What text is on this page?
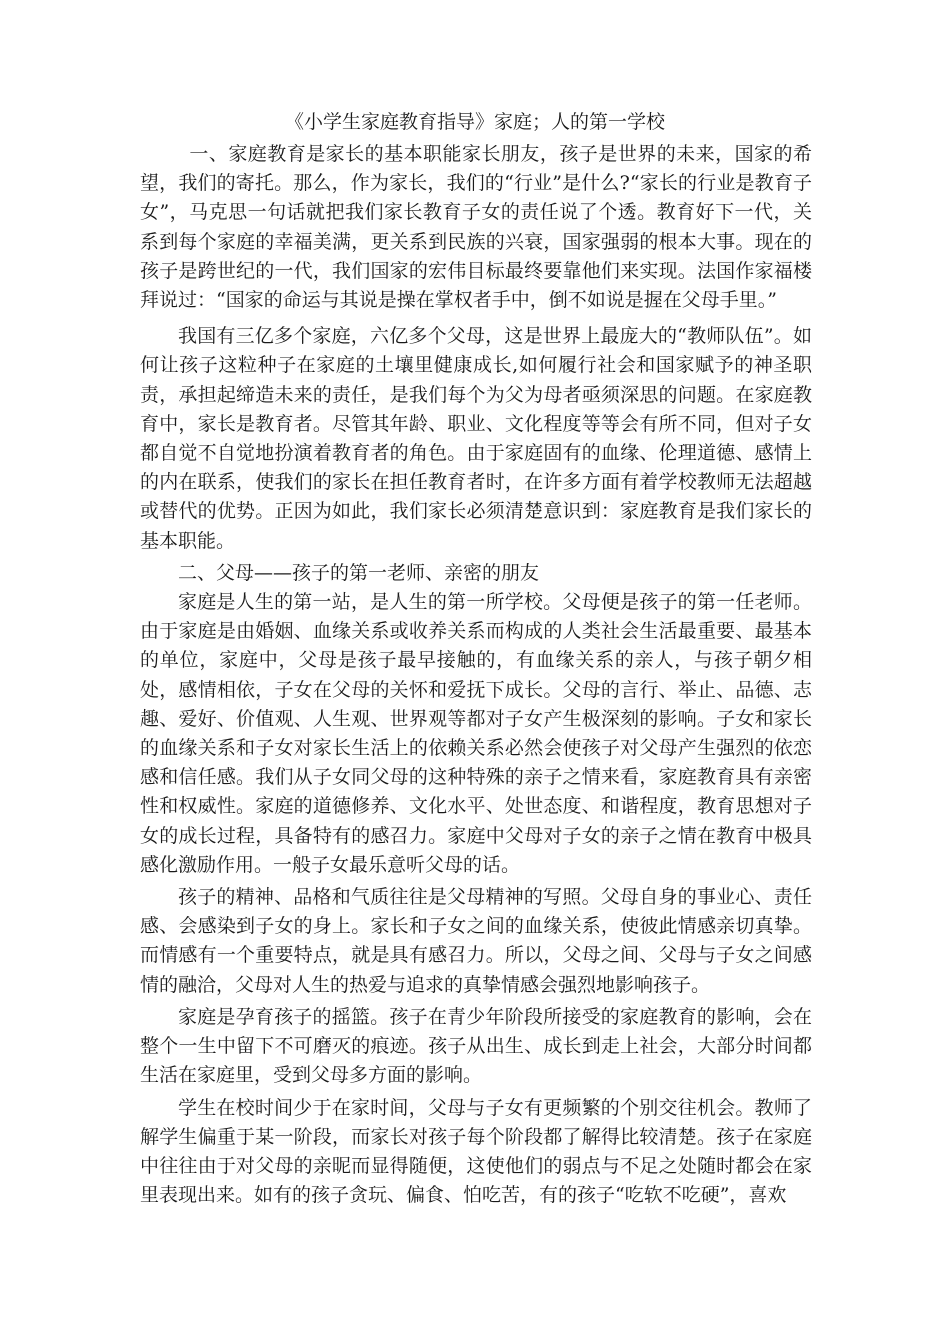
《小学生家庭教育指导》家庭；人的第一学校

一、家庭教育是家长的基本职能家长朋友，孩子是世界的未来，国家的希望，我们的寄托。那么，作为家长，我们的“行业”是什么?“家长的行业是教育子女”，马克思一句话就把我们家长教育子女的责任说了个透。教育好下一代，关系到每个家庭的幸福美满，更关系到民族的兴衰，国家强弱的根本大事。现在的孩子是跨世纪的一代，我们国家的宏伟目标最终要靠他们来实现。法国作家福楼拜说过：“国家的命运与其说是操在掌权者手中，倒不如说是握在父母手里。”

我国有三亿多个家庭，六亿多个父母，这是世界上最庞大的“教师队伍”。如何让孩子这粒种子在家庭的土壤里健康成长,如何履行社会和国家赋予的神圣职责，承担起缔造未来的责任，是我们每个为父为母者亟须深思的问题。在家庭教育中，家长是教育者。尽管其年龄、职业、文化程度等等会有所不同，但对子女都自觉不自觉地扮演着教育者的角色。由于家庭固有的血缘、伦理道德、感情上的内在联系，使我们的家长在担任教育者时，在许多方面有着学校教师无法超越或替代的优势。正因为如此，我们家长必须清楚意识到：家庭教育是我们家长的基本职能。

二、父母——孩子的第一老师、亲密的朋友

家庭是人生的第一站，是人生的第一所学校。父母便是孩子的第一任老师。由于家庭是由婚姻、血缘关系或收养关系而构成的人类社会生活最重要、最基本的单位，家庭中，父母是孩子最早接触的，有血缘关系的亲人，与孩子朝夕相处，感情相依，子女在父母的关怀和爱抚下成长。父母的言行、举止、品德、志趣、爱好、价值观、人生观、世界观等都对子女产生极深刻的影响。子女和家长的血缘关系和子女对家长生活上的依赖关系必然会使孩子对父母产生强烈的依恋感和信任感。我们从子女同父母的这种特殊的亲子之情来看，家庭教育具有亲密性和权威性。家庭的道德修养、文化水平、处世态度、和谐程度，教育思想对子女的成长过程，具备特有的感召力。家庭中父母对子女的亲子之情在教育中极具感化激励作用。一般子女最乐意听父母的话。

孩子的精神、品格和气质往往是父母精神的写照。父母自身的事业心、责任感、会感染到子女的身上。家长和子女之间的血缘关系，使彼此情感亲切真挚。而情感有一个重要特点，就是具有感召力。所以，父母之间、父母与子女之间感情的融洽，父母对人生的热爱与追求的真挚情感会强烈地影响孩子。

家庭是孕育孩子的摇篮。孩子在青少年阶段所接受的家庭教育的影响，会在整个一生中留下不可磨灭的痕迹。孩子从出生、成长到走上社会，大部分时间都生活在家庭里，受到父母多方面的影响。

学生在校时间少于在家时间，父母与子女有更频繁的个别交往机会。教师了解学生偏重于某一阶段，而家长对孩子每个阶段都了解得比较清楚。孩子在家庭中往往由于对父母的亲昵而显得随便，这使他们的弱点与不足之处随时都会在家里表现出来。如有的孩子贪玩、偏食、怕吃苦，有的孩子“吃软不吃硬”，喜欢
